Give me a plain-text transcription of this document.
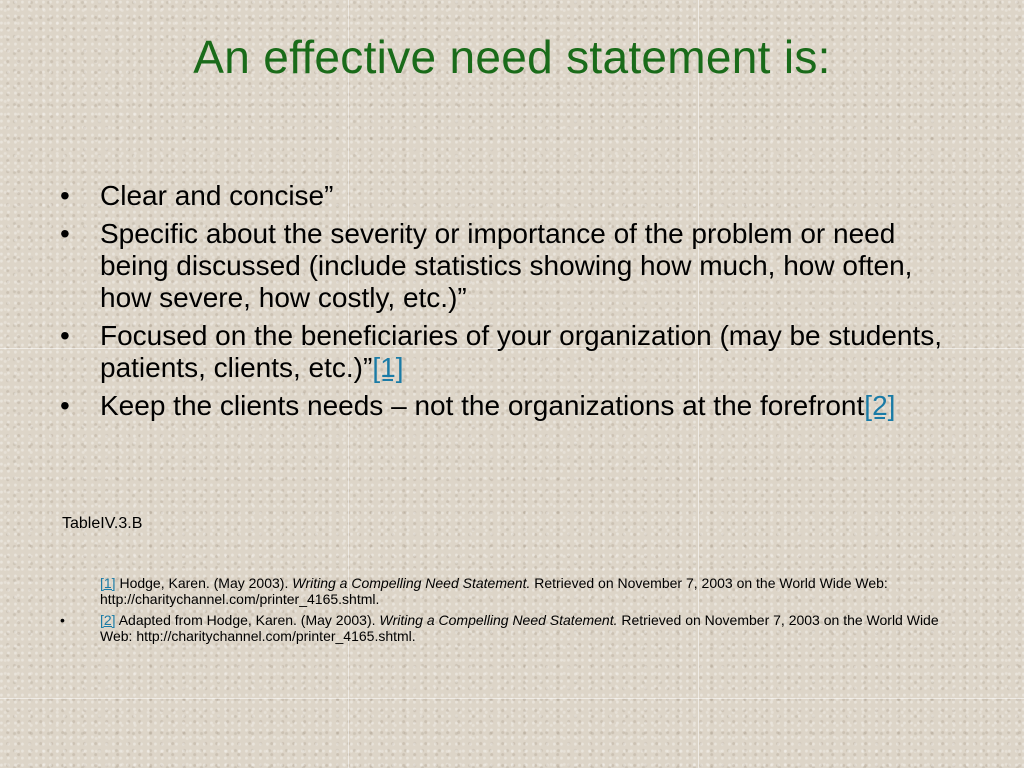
An effective need statement is:
• Clear and concise”
• Specific about the severity or importance of the problem or need being discussed (include statistics showing how much, how often, how severe, how costly, etc.)”
• Focused on the beneficiaries of your organization (may be students, patients, clients, etc.)”[1]
• Keep the clients needs – not the organizations at the forefront[2]

TableIV.3.B

[1] Hodge, Karen. (May 2003). Writing a Compelling Need Statement. Retrieved on November 7, 2003 on the World Wide Web: http://charitychannel.com/printer_4165.shtml.
•	[2] Adapted from Hodge, Karen. (May 2003). Writing a Compelling Need Statement. Retrieved on November 7, 2003 on the World Wide Web: http://charitychannel.com/printer_4165.shtml.
